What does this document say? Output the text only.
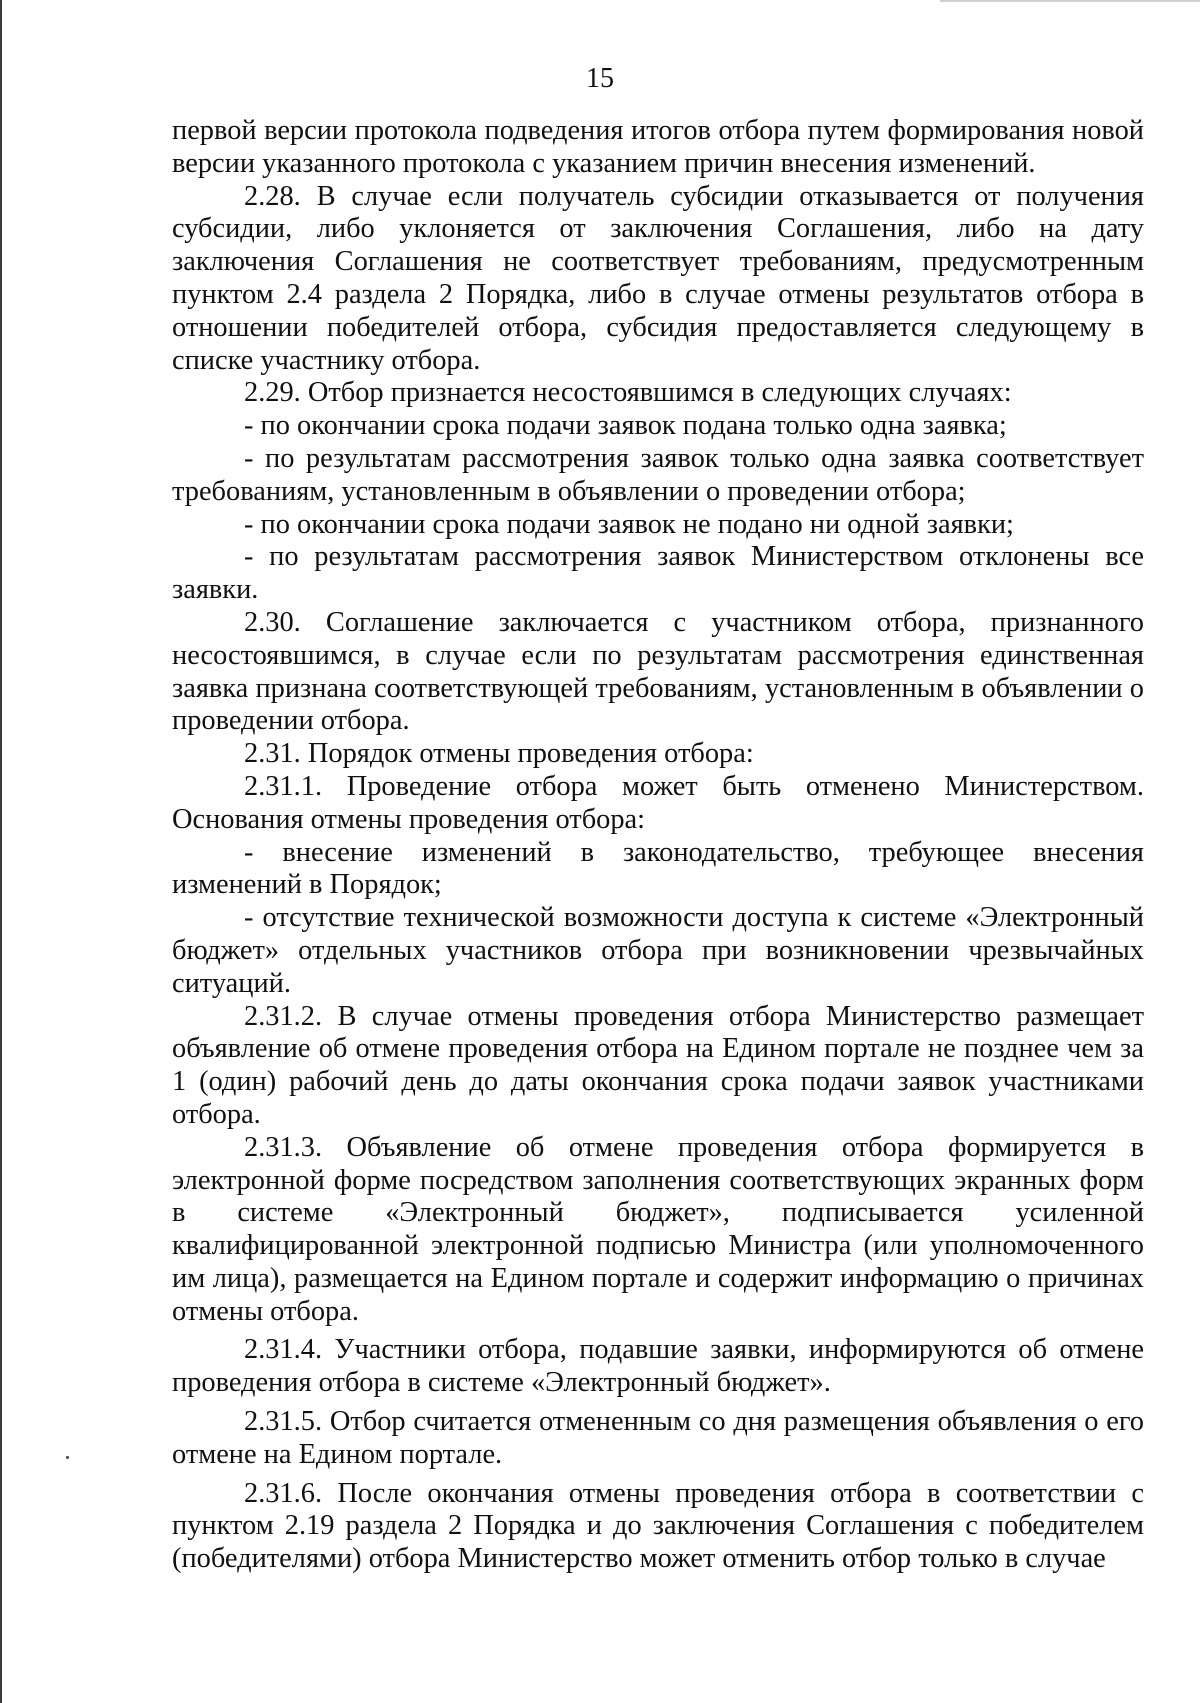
15

первой версии протокола подведения итогов отбора путем формирования новой версии указанного протокола с указанием причин внесения изменений.

2.28. В случае если получатель субсидии отказывается от получения субсидии, либо уклоняется от заключения Соглашения, либо на дату заключения Соглашения не соответствует требованиям, предусмотренным пунктом 2.4 раздела 2 Порядка, либо в случае отмены результатов отбора в отношении победителей отбора, субсидия предоставляется следующему в списке участнику отбора.

2.29. Отбор признается несостоявшимся в следующих случаях:

- по окончании срока подачи заявок подана только одна заявка;

- по результатам рассмотрения заявок только одна заявка соответствует требованиям, установленным в объявлении о проведении отбора;

- по окончании срока подачи заявок не подано ни одной заявки;

- по результатам рассмотрения заявок Министерством отклонены все заявки.

2.30. Соглашение заключается с участником отбора, признанного несостоявшимся, в случае если по результатам рассмотрения единственная заявка признана соответствующей требованиям, установленным в объявлении о проведении отбора.

2.31. Порядок отмены проведения отбора:

2.31.1. Проведение отбора может быть отменено Министерством. Основания отмены проведения отбора:

- внесение изменений в законодательство, требующее внесения изменений в Порядок;

- отсутствие технической возможности доступа к системе «Электронный бюджет» отдельных участников отбора при возникновении чрезвычайных ситуаций.

2.31.2. В случае отмены проведения отбора Министерство размещает объявление об отмене проведения отбора на Едином портале не позднее чем за 1 (один) рабочий день до даты окончания срока подачи заявок участниками отбора.

2.31.3. Объявление об отмене проведения отбора формируется в электронной форме посредством заполнения соответствующих экранных форм в системе «Электронный бюджет», подписывается усиленной квалифицированной электронной подписью Министра (или уполномоченного им лица), размещается на Едином портале и содержит информацию о причинах отмены отбора.

2.31.4. Участники отбора, подавшие заявки, информируются об отмене проведения отбора в системе «Электронный бюджет».

2.31.5. Отбор считается отмененным со дня размещения объявления о его отмене на Едином портале.

2.31.6. После окончания отмены проведения отбора в соответствии с пунктом 2.19 раздела 2 Порядка и до заключения Соглашения с победителем (победителями) отбора Министерство может отменить отбор только в случае
